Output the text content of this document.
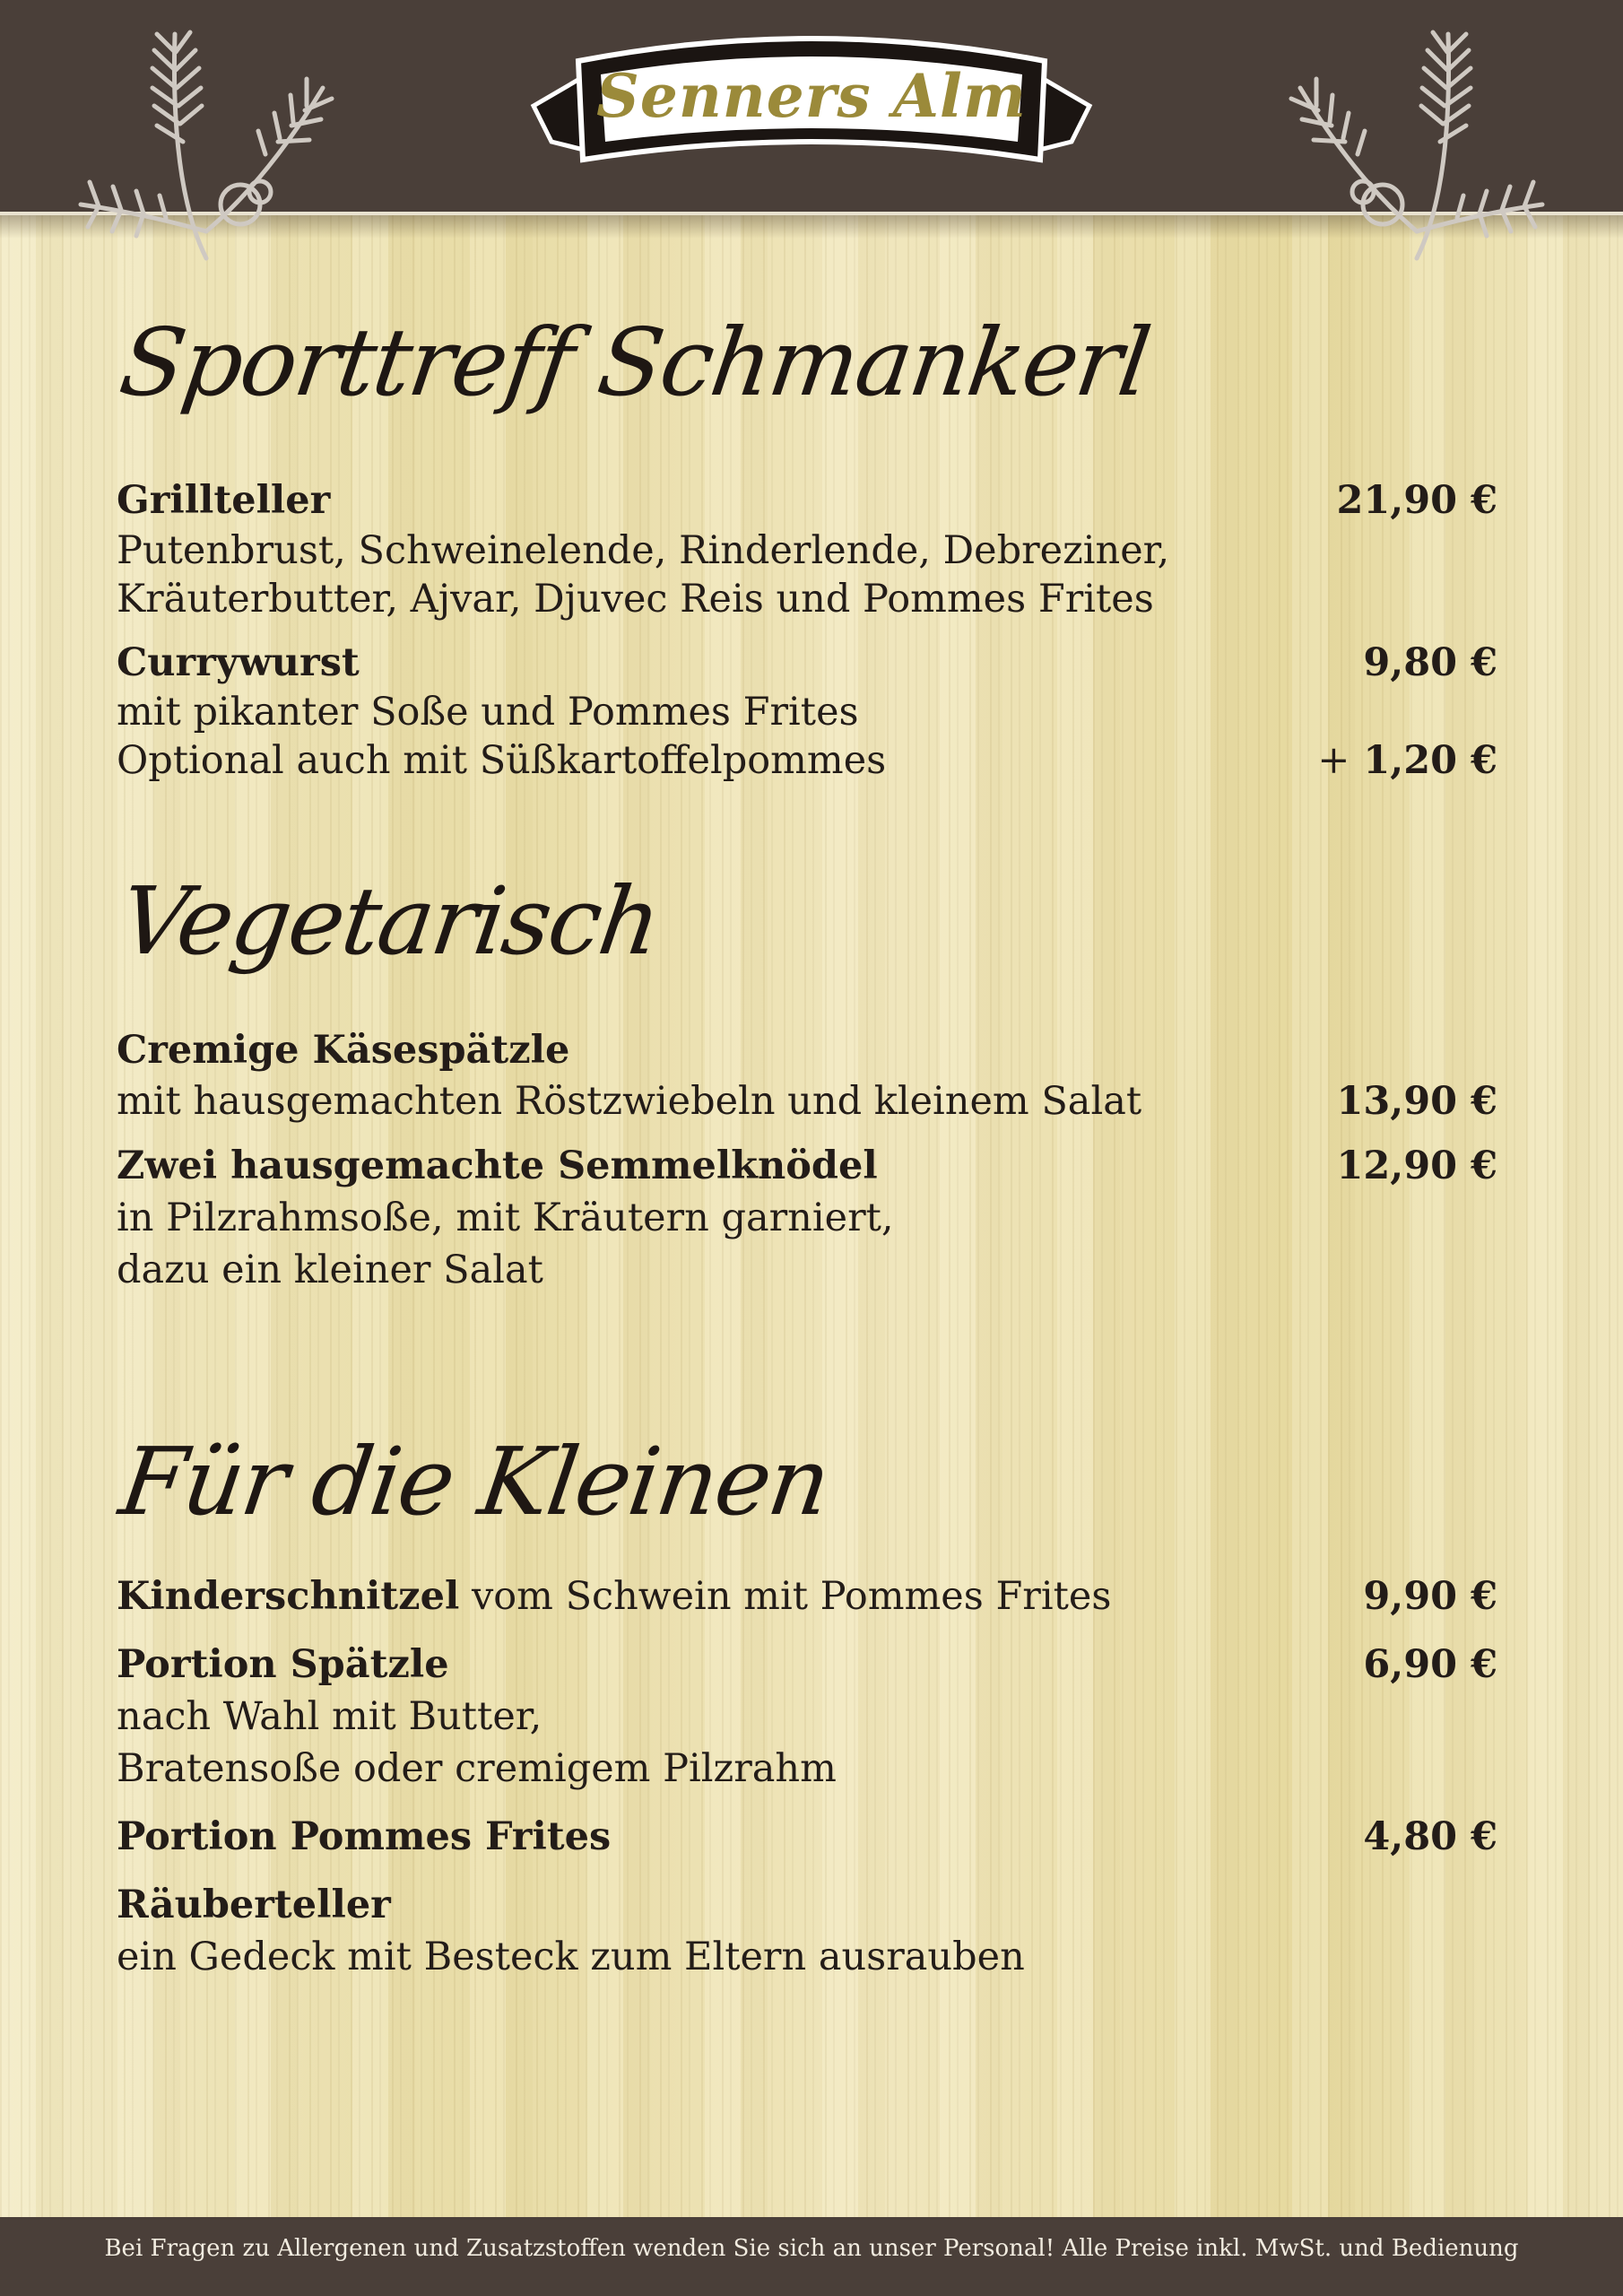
Senners Alm
Sporttreff Schmankerl
Grillteller	21,90 €
Putenbrust, Schweinelende, Rinderlende, Debreziner,
Kräuterbutter, Ajvar, Djuvec Reis und Pommes Frites
Currywurst	9,80 €
mit pikanter Soße und Pommes Frites
Optional auch mit Süßkartoffelpommes	+ 1,20 €
Vegetarisch
Cremige Käsespätzle
mit hausgemachten Röstzwiebeln und kleinem Salat	13,90 €
Zwei hausgemachte Semmelknödel	12,90 €
in Pilzrahmsoße, mit Kräutern garniert,
dazu ein kleiner Salat
Für die Kleinen
Kinderschnitzel vom Schwein mit Pommes Frites	9,90 €
Portion Spätzle	6,90 €
nach Wahl mit Butter,
Bratensoße oder cremigem Pilzrahm
Portion Pommes Frites	4,80 €
Räuberteller
ein Gedeck mit Besteck zum Eltern ausrauben
Bei Fragen zu Allergenen und Zusatzstoffen wenden Sie sich an unser Personal! Alle Preise inkl. MwSt. und Bedienung
